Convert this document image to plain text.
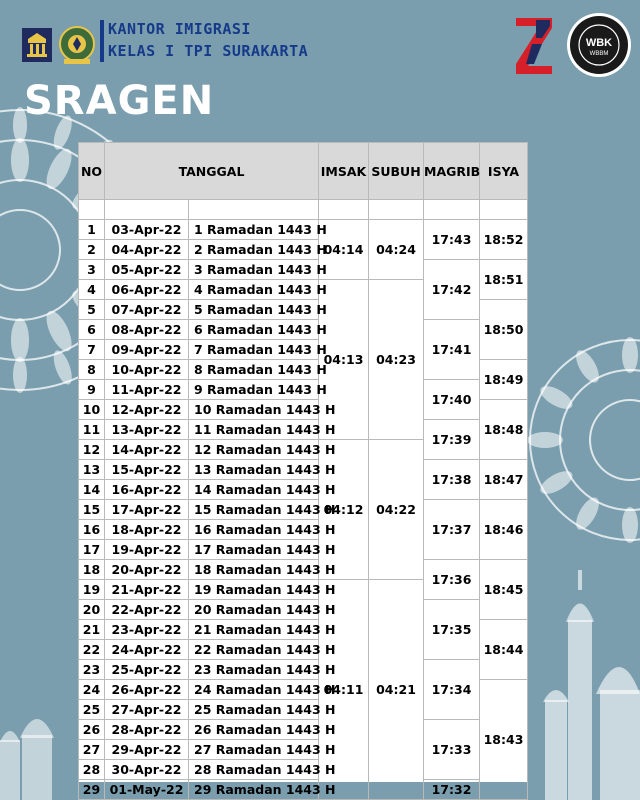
KANTOR IMIGRASI
KELAS I TPI SURAKARTA	WBK
WBBM
SRAGEN
NO	TANGGAL		IMSAK	SUBUH	MAGRIB	ISYA

1	03-Apr-22	1 Ramadan 1443 H	04:14	04:24	17:43	18:52
2	04-Apr-22	2 Ramadan 1443 H				
3	05-Apr-22	3 Ramadan 1443 H			17:42	18:51
4	06-Apr-22	4 Ramadan 1443 H	04:13	04:23		
5	07-Apr-22	5 Ramadan 1443 H				18:50
6	08-Apr-22	6 Ramadan 1443 H			17:41	
7	09-Apr-22	7 Ramadan 1443 H				
8	10-Apr-22	8 Ramadan 1443 H				18:49
9	11-Apr-22	9 Ramadan 1443 H			17:40	
10	12-Apr-22	10 Ramadan 1443 H				18:48
11	13-Apr-22	11 Ramadan 1443 H			17:39	
12	14-Apr-22	12 Ramadan 1443 H	04:12	04:22		
13	15-Apr-22	13 Ramadan 1443 H			17:38	18:47
14	16-Apr-22	14 Ramadan 1443 H				
15	17-Apr-22	15 Ramadan 1443 H			17:37	18:46
16	18-Apr-22	16 Ramadan 1443 H				
17	19-Apr-22	17 Ramadan 1443 H				
18	20-Apr-22	18 Ramadan 1443 H			17:36	18:45
19	21-Apr-22	19 Ramadan 1443 H	04:11	04:21		
20	22-Apr-22	20 Ramadan 1443 H			17:35	
21	23-Apr-22	21 Ramadan 1443 H				18:44
22	24-Apr-22	22 Ramadan 1443 H				
23	25-Apr-22	23 Ramadan 1443 H			17:34	
24	26-Apr-22	24 Ramadan 1443 H				18:43
25	27-Apr-22	25 Ramadan 1443 H				
26	28-Apr-22	26 Ramadan 1443 H			17:33	
27	29-Apr-22	27 Ramadan 1443 H				
28	30-Apr-22	28 Ramadan 1443 H				
29	01-May-22	29 Ramadan 1443 H			17:32	
